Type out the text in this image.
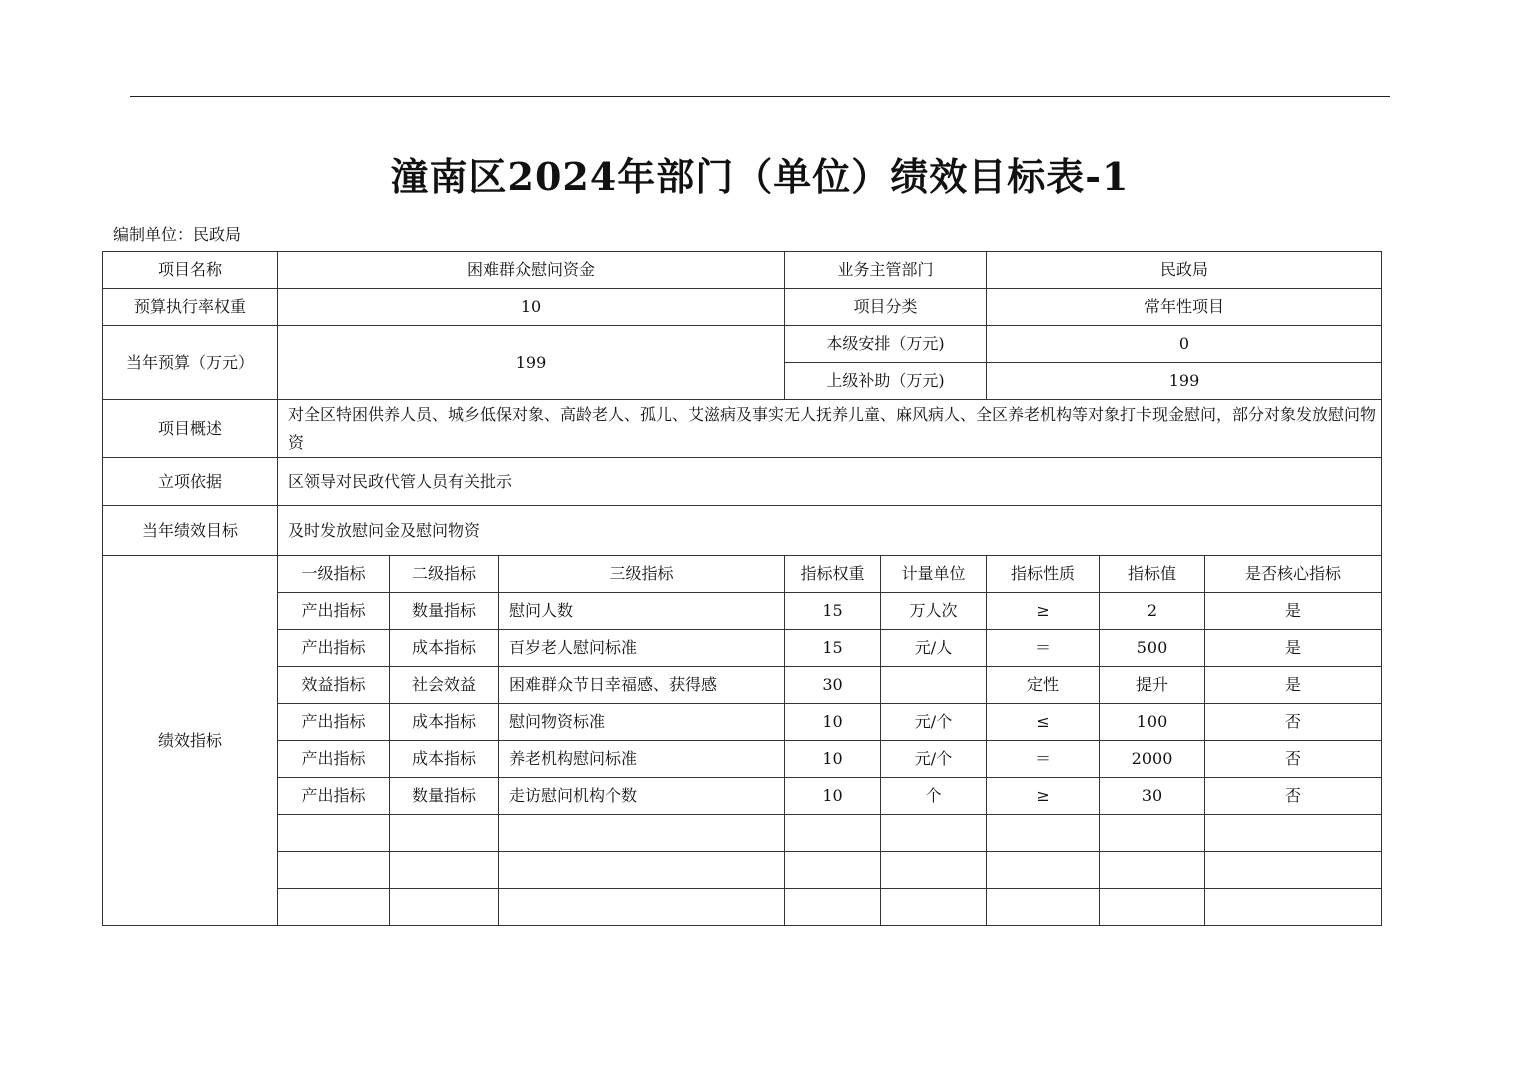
潼南区2024年部门（单位）绩效目标表-1
编制单位：民政局
项目名称	困难群众慰问资金			业务主管部门		民政局		
预算执行率权重	10			项目分类		常年性项目		
当年预算（万元）	199			本级安排（万元)		0		
				上级补助（万元)		199		
项目概述	对全区特困供养人员、城乡低保对象、高龄老人、孤儿、艾滋病及事实无人抚养儿童、麻风病人、全区养老机构等对象打卡现金慰问，部分对象发放慰问物资							
立项依据	区领导对民政代管人员有关批示							
当年绩效目标	及时发放慰问金及慰问物资							
绩效指标	一级指标	二级指标	三级指标	指标权重	计量单位	指标性质	指标值	是否核心指标
	产出指标	数量指标	慰问人数	15	万人次	≥	2	是
	产出指标	成本指标	百岁老人慰问标准	15	元/人	＝	500	是
	效益指标	社会效益	困难群众节日幸福感、获得感	30		定性	提升	是
	产出指标	成本指标	慰问物资标准	10	元/个	≤	100	否
	产出指标	成本指标	养老机构慰问标准	10	元/个	＝	2000	否
	产出指标	数量指标	走访慰问机构个数	10	个	≥	30	否
